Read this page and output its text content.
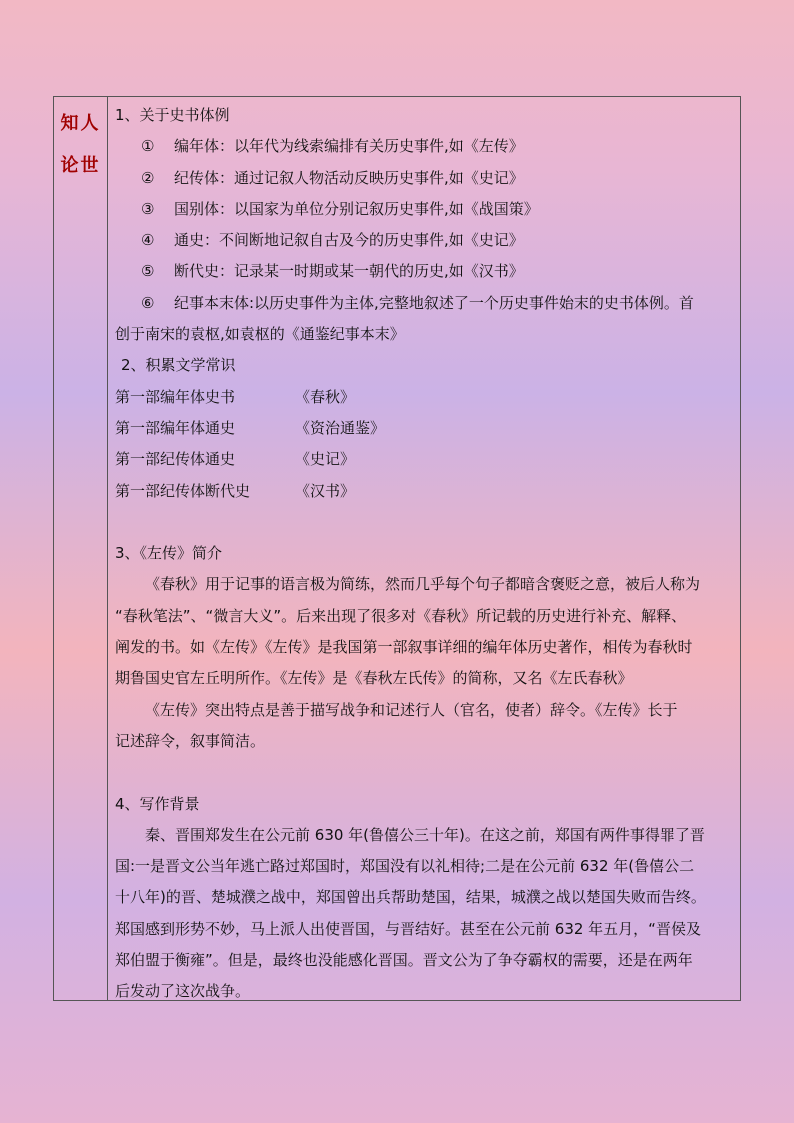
知人
论世
1、关于史书体例
① 编年体：以年代为线索编排有关历史事件,如《左传》
② 纪传体：通过记叙人物活动反映历史事件,如《史记》
③ 国别体：以国家为单位分别记叙历史事件,如《战国策》
④ 通史：不间断地记叙自古及今的历史事件,如《史记》
⑤ 断代史：记录某一时期或某一朝代的历史,如《汉书》
⑥ 纪事本末体:以历史事件为主体,完整地叙述了一个历史事件始末的史书体例。首
创于南宋的袁枢,如袁枢的《通鉴纪事本末》
2、积累文学常识
第一部编年体史书	《春秋》
第一部编年体通史	《资治通鉴》
第一部纪传体通史	《史记》
第一部纪传体断代史	《汉书》
3、《左传》简介
《春秋》用于记事的语言极为简练，然而几乎每个句子都暗含褒贬之意，被后人称为
“春秋笔法”、“微言大义”。后来出现了很多对《春秋》所记载的历史进行补充、解释、
阐发的书。如《左传》《左传》是我国第一部叙事详细的编年体历史著作，相传为春秋时
期鲁国史官左丘明所作。《左传》是《春秋左氏传》的简称，又名《左氏春秋》
《左传》突出特点是善于描写战争和记述行人（官名，使者）辞令。《左传》长于
记述辞令，叙事简洁。
4、写作背景
秦、晋围郑发生在公元前 630 年(鲁僖公三十年)。在这之前，郑国有两件事得罪了晋
国:一是晋文公当年逃亡路过郑国时，郑国没有以礼相待;二是在公元前 632 年(鲁僖公二
十八年)的晋、楚城濮之战中，郑国曾出兵帮助楚国，结果，城濮之战以楚国失败而告终。
郑国感到形势不妙，马上派人出使晋国，与晋结好。甚至在公元前 632 年五月，“晋侯及
郑伯盟于衡雍”。但是，最终也没能感化晋国。晋文公为了争夺霸权的需要，还是在两年
后发动了这次战争。
